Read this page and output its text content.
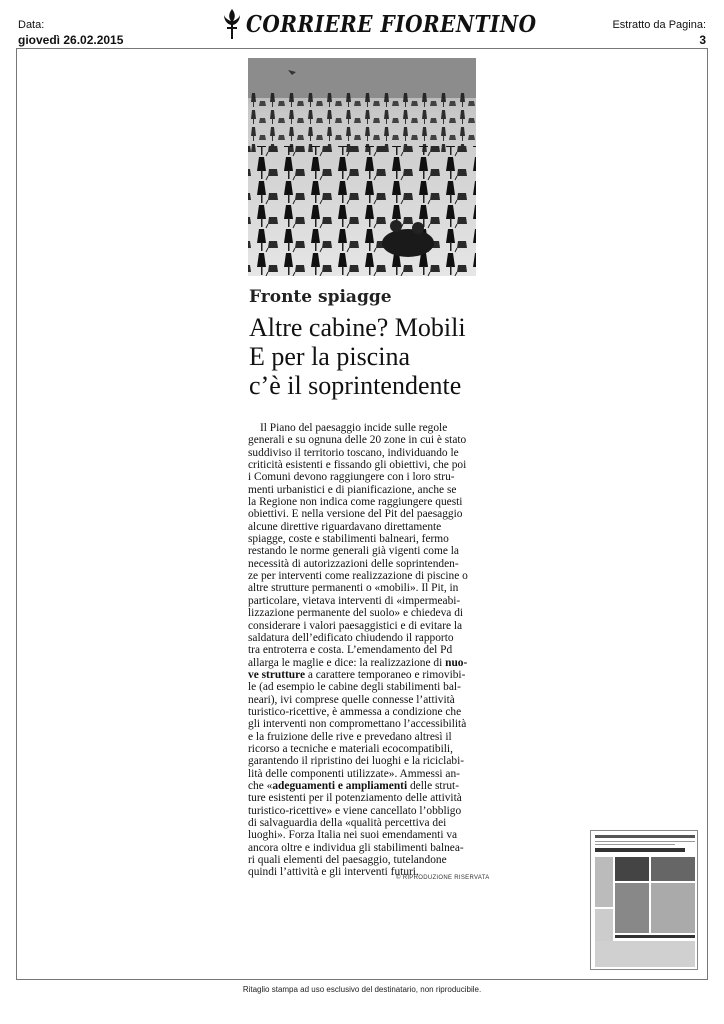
Data:
giovedì 26.02.2015
CORRIERE FIORENTINO	Estratto da Pagina:
3
Fronte spiagge
Altre cabine? Mobili
E per la piscina
c’è il soprintendente
Il Piano del paesaggio incide sulle regole
generali e su ognuna delle 20 zone in cui è stato
suddiviso il territorio toscano, individuando le
criticità esistenti e fissando gli obiettivi, che poi
i Comuni devono raggiungere con i loro stru-
menti urbanistici e di pianificazione, anche se
la Regione non indica come raggiungere questi
obiettivi. E nella versione del Pit del paesaggio
alcune direttive riguardavano direttamente
spiagge, coste e stabilimenti balneari, fermo
restando le norme generali già vigenti come la
necessità di autorizzazioni delle soprintenden-
ze per interventi come realizzazione di piscine o
altre strutture permanenti o «mobili». Il Pit, in
particolare, vietava interventi di «impermeabi-
lizzazione permanente del suolo» e chiedeva di
considerare i valori paesaggistici e di evitare la
saldatura dell’edificato chiudendo il rapporto
tra entroterra e costa. L’emendamento del Pd
allarga le maglie e dice: la realizzazione di nuo-
ve strutture a carattere temporaneo e rimovibi-
le (ad esempio le cabine degli stabilimenti bal-
neari), ivi comprese quelle connesse l’attività
turistico-ricettive, è ammessa a condizione che
gli interventi non compromettano l’accessibilità
e la fruizione delle rive e prevedano altresì il
ricorso a tecniche e materiali ecocompatibili,
garantendo il ripristino dei luoghi e la riciclabi-
lità delle componenti utilizzate». Ammessi an-
che «adeguamenti e ampliamenti delle strut-
ture esistenti per il potenziamento delle attività
turistico-ricettive» e viene cancellato l’obbligo
di salvaguardia della «qualità percettiva dei
luoghi». Forza Italia nei suoi emendamenti va
ancora oltre e individua gli stabilimenti balnea-
ri quali elementi del paesaggio, tutelandone
quindi l’attività e gli interventi futuri.
© RIPRODUZIONE RISERVATA
Ritaglio stampa ad uso esclusivo del destinatario, non riproducibile.
